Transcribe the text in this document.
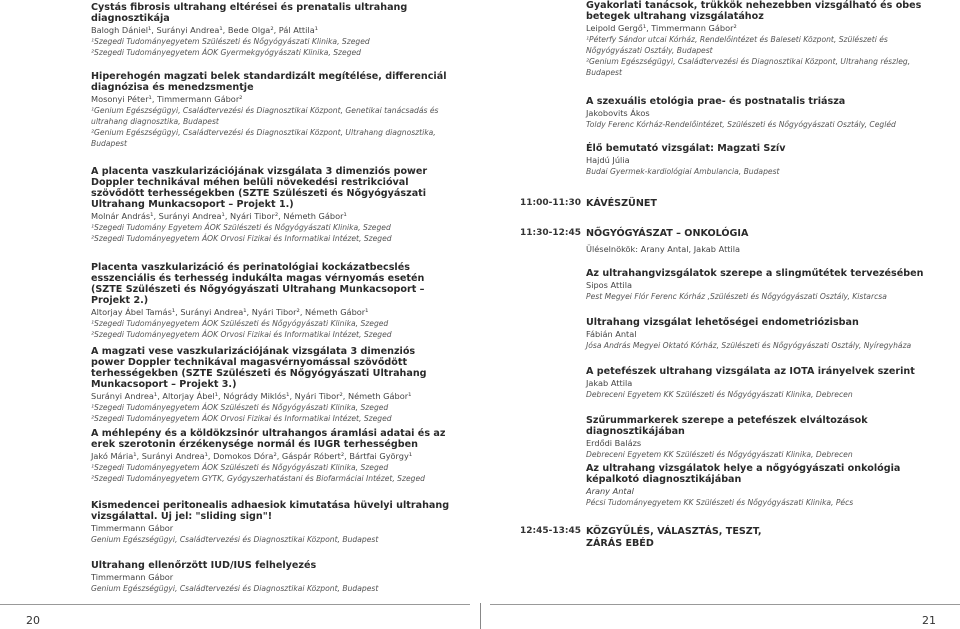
Cystás fibrosis ultrahang eltérései és prenatalis ultrahang diagnosztikája

Balogh Dániel¹, Surányi Andrea¹, Bede Olga², Pál Attila¹

¹Szegedi Tudományegyetem Szülészeti és Nőgyógyászati Klinika, Szeged

²Szegedi Tudományegyetem ÁOK Gyermekgyógyászati Klinika, Szeged

Hiperehogén magzati belek standardizált megítélése, differenciál diagnózisa és menedzsmentje

Mosonyi Péter¹, Timmermann Gábor²

¹Genium Egészségügyi, Családtervezési és Diagnosztikai Központ, Genetikai tanácsadás és ultrahang diagnosztika, Budapest

²Genium Egészségügyi, Családtervezési és Diagnosztikai Központ, Ultrahang diagnosztika, Budapest

A placenta vaszkularizációjának vizsgálata 3 dimenziós power Doppler technikával méhen belüli növekedési restrikcióval szövődött terhességekben (SZTE Szülészeti és Nőgyógyászati Ultrahang Munkacsoport – Projekt 1.)

Molnár András¹, Surányi Andrea¹, Nyári Tibor², Németh Gábor¹

¹Szegedi Tudomány Egyetem ÁOK Szülészeti és Nőgyógyászati Klinika, Szeged

²Szegedi Tudományegyetem ÁOK Orvosi Fizikai és Informatikai Intézet, Szeged

Placenta vaszkularizáció és perinatológiai kockázatbecslés esszenciális és terhesség indukálta magas vérnyomás esetén (SZTE Szülészeti és Nőgyógyászati Ultrahang Munkacsoport – Projekt 2.)

Altorjay Ábel Tamás¹, Surányi Andrea¹, Nyári Tibor², Németh Gábor¹

¹Szegedi Tudományegyetem ÁOK Szülészeti és Nőgyógyászati Klinika, Szeged

²Szegedi Tudományegyetem ÁOK Orvosi Fizikai és Informatikai Intézet, Szeged

A magzati vese vaszkularizációjának vizsgálata 3 dimenziós power Doppler technikával magasvérnyomással szövődött terhességekben (SZTE Szülészeti és Nőgyógyászati Ultrahang Munkacsoport – Projekt 3.)

Surányi Andrea¹, Altorjay Ábel¹, Nógrády Miklós¹, Nyári Tibor², Németh Gábor¹

¹Szegedi Tudományegyetem ÁOK Szülészeti és Nőgyógyászati Klinika, Szeged

²Szegedi Tudományegyetem ÁOK Orvosi Fizikai és Informatikai Intézet, Szeged

A méhlepény és a köldökzsinór ultrahangos áramlási adatai és az erek szerotonin érzékenysége normál és IUGR terhességben

Jakó Mária¹, Surányi Andrea¹, Domokos Dóra², Gáspár Róbert², Bártfai György¹

¹Szegedi Tudományegyetem ÁOK Szülészeti és Nőgyógyászati Klinika, Szeged

²Szegedi Tudományegyetem GYTK, Gyógyszerhatástani és Biofarmáciai Intézet, Szeged

Kismedencei peritonealis adhaesiok kimutatása hüvelyi ultrahang vizsgálattal. Új jel: "sliding sign"!

Timmermann Gábor

Genium Egészségügyi, Családtervezési és Diagnosztikai Központ, Budapest

Ultrahang ellenőrzött IUD/IUS felhelyezés

Timmermann Gábor

Genium Egészségügyi, Családtervezési és Diagnosztikai Központ, Budapest

11:00-11:30
11:30-12:45
12:45-13:45

Gyakorlati tanácsok, trükkök nehezebben vizsgálható és obes betegek ultrahang vizsgálatához

Leipold Gergő¹, Timmermann Gábor²

¹Péterfy Sándor utcai Kórház, Rendelőintézet és Baleseti Központ, Szülészeti és Nőgyógyászati Osztály, Budapest

²Genium Egészségügyi, Családtervezési és Diagnosztikai Központ, Ultrahang részleg, Budapest

A szexuális etológia prae- és postnatalis triászа

Jakobovits Ákos

Toldy Ferenc Kórház-Rendelőintézet, Szülészeti és Nőgyógyászati Osztály, Cegléd

Élő bemutató vizsgálat: Magzati Szív

Hajdú Júlia

Budai Gyermek-kardiológiai Ambulancia, Budapest

KÁVÉSZÜNET
NŐGYÓGYÁSZAT – ONKOLÓGIA
Üléselnökök: Arany Antal, Jakab Attila

Az ultrahangvizsgálatok szerepe a slingműtétek tervezésében

Sipos Attila

Pest Megyei Flór Ferenc Kórház ,Szülészeti és Nőgyógyászati Osztály, Kistarcsa

Ultrahang vizsgálat lehetőségei endometriózisban

Fábián Antal

Jósa András Megyei Oktató Kórház, Szülészeti és Nőgyógyászati Osztály, Nyíregyháza

A petefészek ultrahang vizsgálata az IOTA irányelvek szerint

Jakab Attila

Debreceni Egyetem KK Szülészeti és Nőgyógyászati Klinika, Debrecen

Szűrummarkerek szerepe a petefészek elváltozások diagnosztikájában

Erdődi Balázs

Debreceni Egyetem KK Szülészeti és Nőgyógyászati Klinika, Debrecen

Az ultrahang vizsgálatok helye a nőgyógyászati onkológia képalkotó diagnosztikájában

Arany Antal

Pécsi Tudományegyetem KK Szülészeti és Nőgyógyászati Klinika, Pécs

KÖZGYŰLÉS, VÁLASZTÁS, TESZT, ZÁRÁS EBÉD
20	21
